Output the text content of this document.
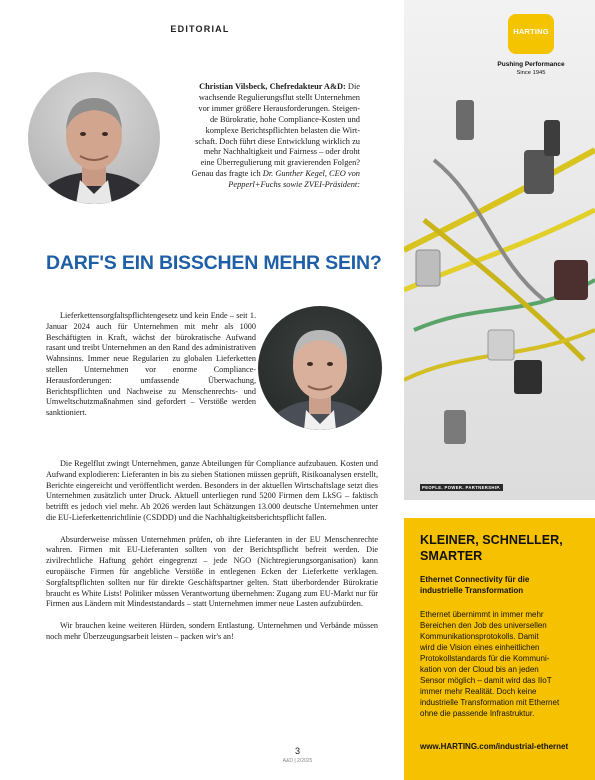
EDITORIAL
Christian Vilsbeck, Chefredakteur A&D: Die
wachsende Regulierungsflut stellt Unternehmen
vor immer größere Herausforderungen. Steigen-
de Bürokratie, hohe Compliance-Kosten und
komplexe Berichtspflichten belasten die Wirt-
schaft. Doch führt diese Entwicklung wirklich zu
mehr Nachhaltigkeit und Fairness – oder droht
eine Überregulierung mit gravierenden Folgen?
Genau das fragte ich Dr. Gunther Kegel, CEO von
Pepperl+Fuchs sowie ZVEI-Präsident:
DARF'S EIN BISSCHEN MEHR SEIN?

Lieferkettensorgfaltspflichtengesetz und kein Ende – seit 1. Januar 2024 auch für Unternehmen mit mehr als 1000 Beschäftigten in Kraft, wächst der bürokratische Aufwand rasant und treibt Unternehmen an den Rand des administrativen Wahnsinns. Immer neue Regularien zu globalen Lieferketten stellen Unternehmen vor enorme Compliance-Herausforderungen: umfassende Überwachung, Berichtspflichten und Nachweise zu Menschenrechts- und Umweltschutzmaßnahmen sind gefordert – Verstöße werden sanktioniert.

Die Regelflut zwingt Unternehmen, ganze Abteilungen für Compliance aufzubauen. Kosten und Aufwand explodieren: Lieferanten in bis zu sieben Stationen müssen geprüft, Risikoanalysen erstellt, Berichte eingereicht und veröffentlicht werden. Besonders in der aktuellen Wirtschaftslage setzt dies Unternehmen zusätzlich unter Druck. Aktuell unterliegen rund 5200 Firmen dem LkSG – faktisch betrifft es jedoch viel mehr. Ab 2026 werden laut Schätzungen 13.000 deutsche Unternehmen unter die EU-Lieferkettenrichtlinie (CSDDD) und die Nachhaltigkeitsberichtspflicht fallen.

Absurderweise müssen Unternehmen prüfen, ob ihre Lieferanten in der EU Menschenrechte wahren. Firmen mit EU-Lieferanten sollten von der Berichtspflicht befreit werden. Die zivilrechtliche Haftung gehört eingegrenzt – jede NGO (Nichtregierungsorganisation) kann europäische Firmen für angebliche Verstöße in entlegenen Ecken der Lieferkette verklagen. Sorgfaltspflichten sollten nur für direkte Geschäftspartner gelten. Statt überbordender Bürokratie braucht es White Lists! Politiker müssen Verantwortung übernehmen: Zugang zum EU-Markt nur für Firmen aus Ländern mit Mindeststandards – statt Unternehmen immer neue Lasten aufzubürden.

Wir brauchen keine weiteren Hürden, sondern Entlastung. Unternehmen und Verbände müssen noch mehr Überzeugungsarbeit leisten – packen wir's an!

3
A&D | 2/2025
HARTING
Pushing Performance
Since 1945
PEOPLE. POWER. PARTNERSHIP.
KLEINER, SCHNELLER,
SMARTER
Ethernet Connectivity für die
industrielle Transformation
Ethernet übernimmt in immer mehr
Bereichen den Job des universellen
Kommunikationsprotokolls. Damit
wird die Vision eines einheitlichen
Protokollstandards für die Kommuni-
kation von der Cloud bis an jeden
Sensor möglich – damit wird das IIoT
immer mehr Realität. Doch keine
industrielle Transformation mit Ethernet
ohne die passende Infrastruktur.
www.HARTING.com/industrial-ethernet
